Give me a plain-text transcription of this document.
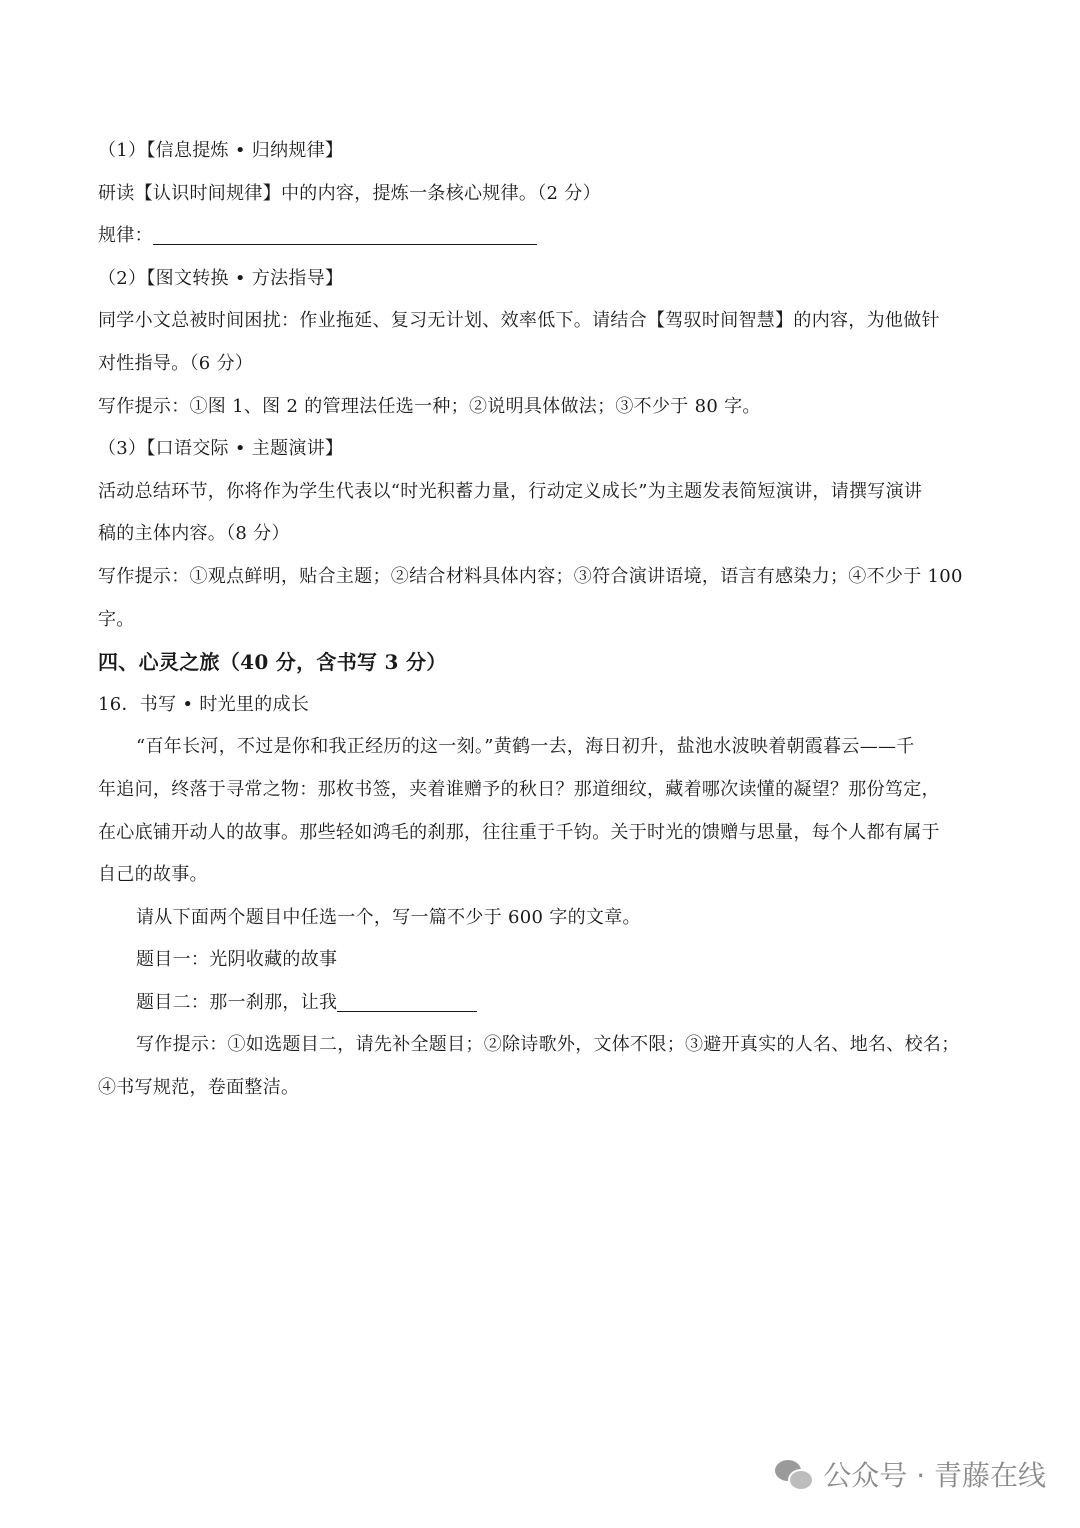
（1）【信息提炼 • 归纳规律】
研读【认识时间规律】中的内容，提炼一条核心规律。（2 分）
规律：
（2）【图文转换 • 方法指导】
同学小文总被时间困扰：作业拖延、复习无计划、效率低下。请结合【驾驭时间智慧】的内容，为他做针
对性指导。（6 分）
写作提示：①图 1、图 2 的管理法任选一种；②说明具体做法；③不少于 80 字。
（3）【口语交际 • 主题演讲】
活动总结环节，你将作为学生代表以“时光积蓄力量，行动定义成长”为主题发表简短演讲，请撰写演讲
稿的主体内容。（8 分）
写作提示：①观点鲜明，贴合主题；②结合材料具体内容；③符合演讲语境，语言有感染力；④不少于 100
字。
四、心灵之旅（40 分，含书写 3 分）
16．书写 • 时光里的成长
“百年长河，不过是你和我正经历的这一刻。”黄鹤一去，海日初升，盐池水波映着朝霞暮云——千
年追问，终落于寻常之物：那枚书签，夹着谁赠予的秋日？那道细纹，藏着哪次读懂的凝望？那份笃定，
在心底铺开动人的故事。那些轻如鸿毛的刹那，往往重于千钧。关于时光的馈赠与思量，每个人都有属于
自己的故事。
请从下面两个题目中任选一个，写一篇不少于 600 字的文章。
题目一：光阴收藏的故事
题目二：那一刹那，让我
写作提示：①如选题目二，请先补全题目；②除诗歌外，文体不限；③避开真实的人名、地名、校名；
④书写规范，卷面整洁。
公众号 · 青藤在线
